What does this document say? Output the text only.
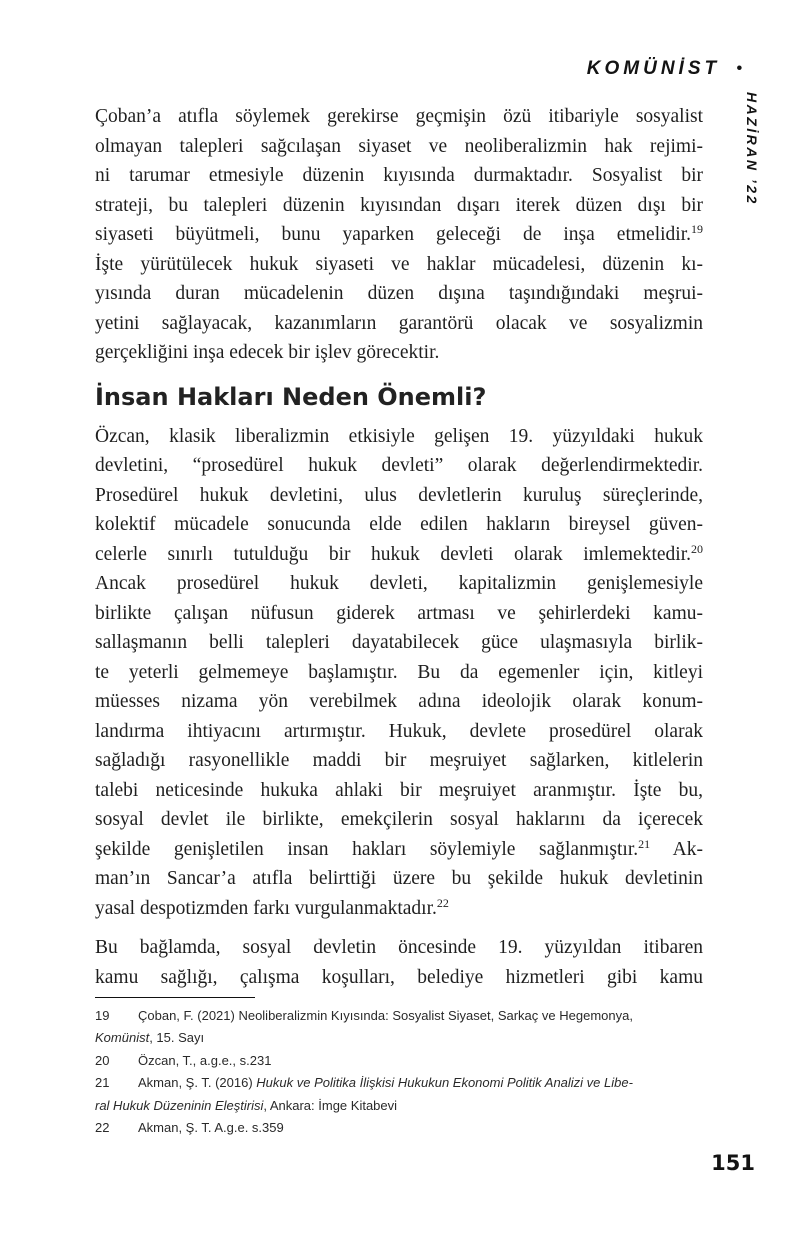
KOMÜNİST •
HAZİRAN ’22
Çoban’a atıfla söylemek gerekirse geçmişin özü itibariyle sosyalist
olmayan talepleri sağcılaşan siyaset ve neoliberalizmin hak rejimi-
ni tarumar etmesiyle düzenin kıyısında durmaktadır. Sosyalist bir
strateji, bu talepleri düzenin kıyısından dışarı iterek düzen dışı bir
siyaseti büyütmeli, bunu yaparken geleceği de inşa etmelidir.$^{19}$
İşte yürütülecek hukuk siyaseti ve haklar mücadelesi, düzenin kı-
yısında duran mücadelenin düzen dışına taşındığındaki meşrui-
yetini sağlayacak, kazanımların garantörü olacak ve sosyalizmin
gerçekliğini inşa edecek bir işlev görecektir.
İnsan Hakları Neden Önemli?
Özcan, klasik liberalizmin etkisiyle gelişen 19. yüzyıldaki hukuk
devletini, “prosedürel hukuk devleti” olarak değerlendirmektedir.
Prosedürel hukuk devletini, ulus devletlerin kuruluş süreçlerinde,
kolektif mücadele sonucunda elde edilen hakların bireysel güven-
celerle sınırlı tutulduğu bir hukuk devleti olarak imlemektedir.$^{20}$
Ancak prosedürel hukuk devleti, kapitalizmin genişlemesiyle
birlikte çalışan nüfusun giderek artması ve şehirlerdeki kamu-
sallaşmanın belli talepleri dayatabilecek güce ulaşmasıyla birlik-
te yeterli gelmemeye başlamıştır. Bu da egemenler için, kitleyi
müesses nizama yön verebilmek adına ideolojik olarak konum-
landırma ihtiyacını artırmıştır. Hukuk, devlete prosedürel olarak
sağladığı rasyonellikle maddi bir meşruiyet sağlarken, kitlelerin
talebi neticesinde hukuka ahlaki bir meşruiyet aranmıştır. İşte bu,
sosyal devlet ile birlikte, emekçilerin sosyal haklarını da içerecek
şekilde genişletilen insan hakları söylemiyle sağlanmıştır.$^{21}$ Ak-
man’ın Sancar’a atıfla belirttiği üzere bu şekilde hukuk devletinin
yasal despotizmden farkı vurgulanmaktadır.$^{22}$
Bu bağlamda, sosyal devletin öncesinde 19. yüzyıldan itibaren
kamu sağlığı, çalışma koşulları, belediye hizmetleri gibi kamu
19 Çoban, F. (2021) Neoliberalizmin Kıyısında: Sosyalist Siyaset, Sarkaç ve Hegemonya,
Komünist, 15. Sayı
20 Özcan, T., a.g.e., s.231
21 Akman, Ş. T. (2016) Hukuk ve Politika İlişkisi Hukukun Ekonomi Politik Analizi ve Libe-
ral Hukuk Düzeninin Eleştirisi, Ankara: İmge Kitabevi
22 Akman, Ş. T. A.g.e. s.359
151
